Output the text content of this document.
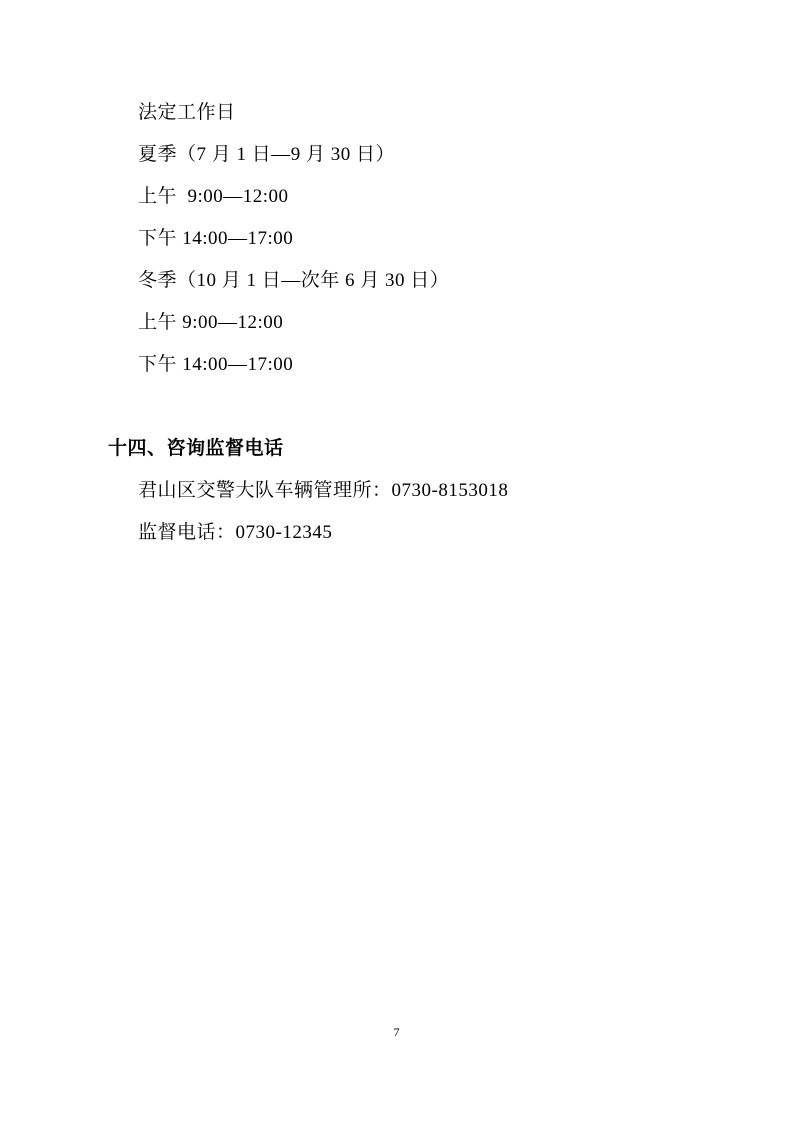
法定工作日
夏季（7 月 1 日—9 月 30 日）
上午  9:00—12:00
下午 14:00—17:00
冬季（10 月 1 日—次年 6 月 30 日）
上午 9:00—12:00
下午 14:00—17:00
十四、咨询监督电话
君山区交警大队车辆管理所：0730-8153018
监督电话：0730-12345
7
